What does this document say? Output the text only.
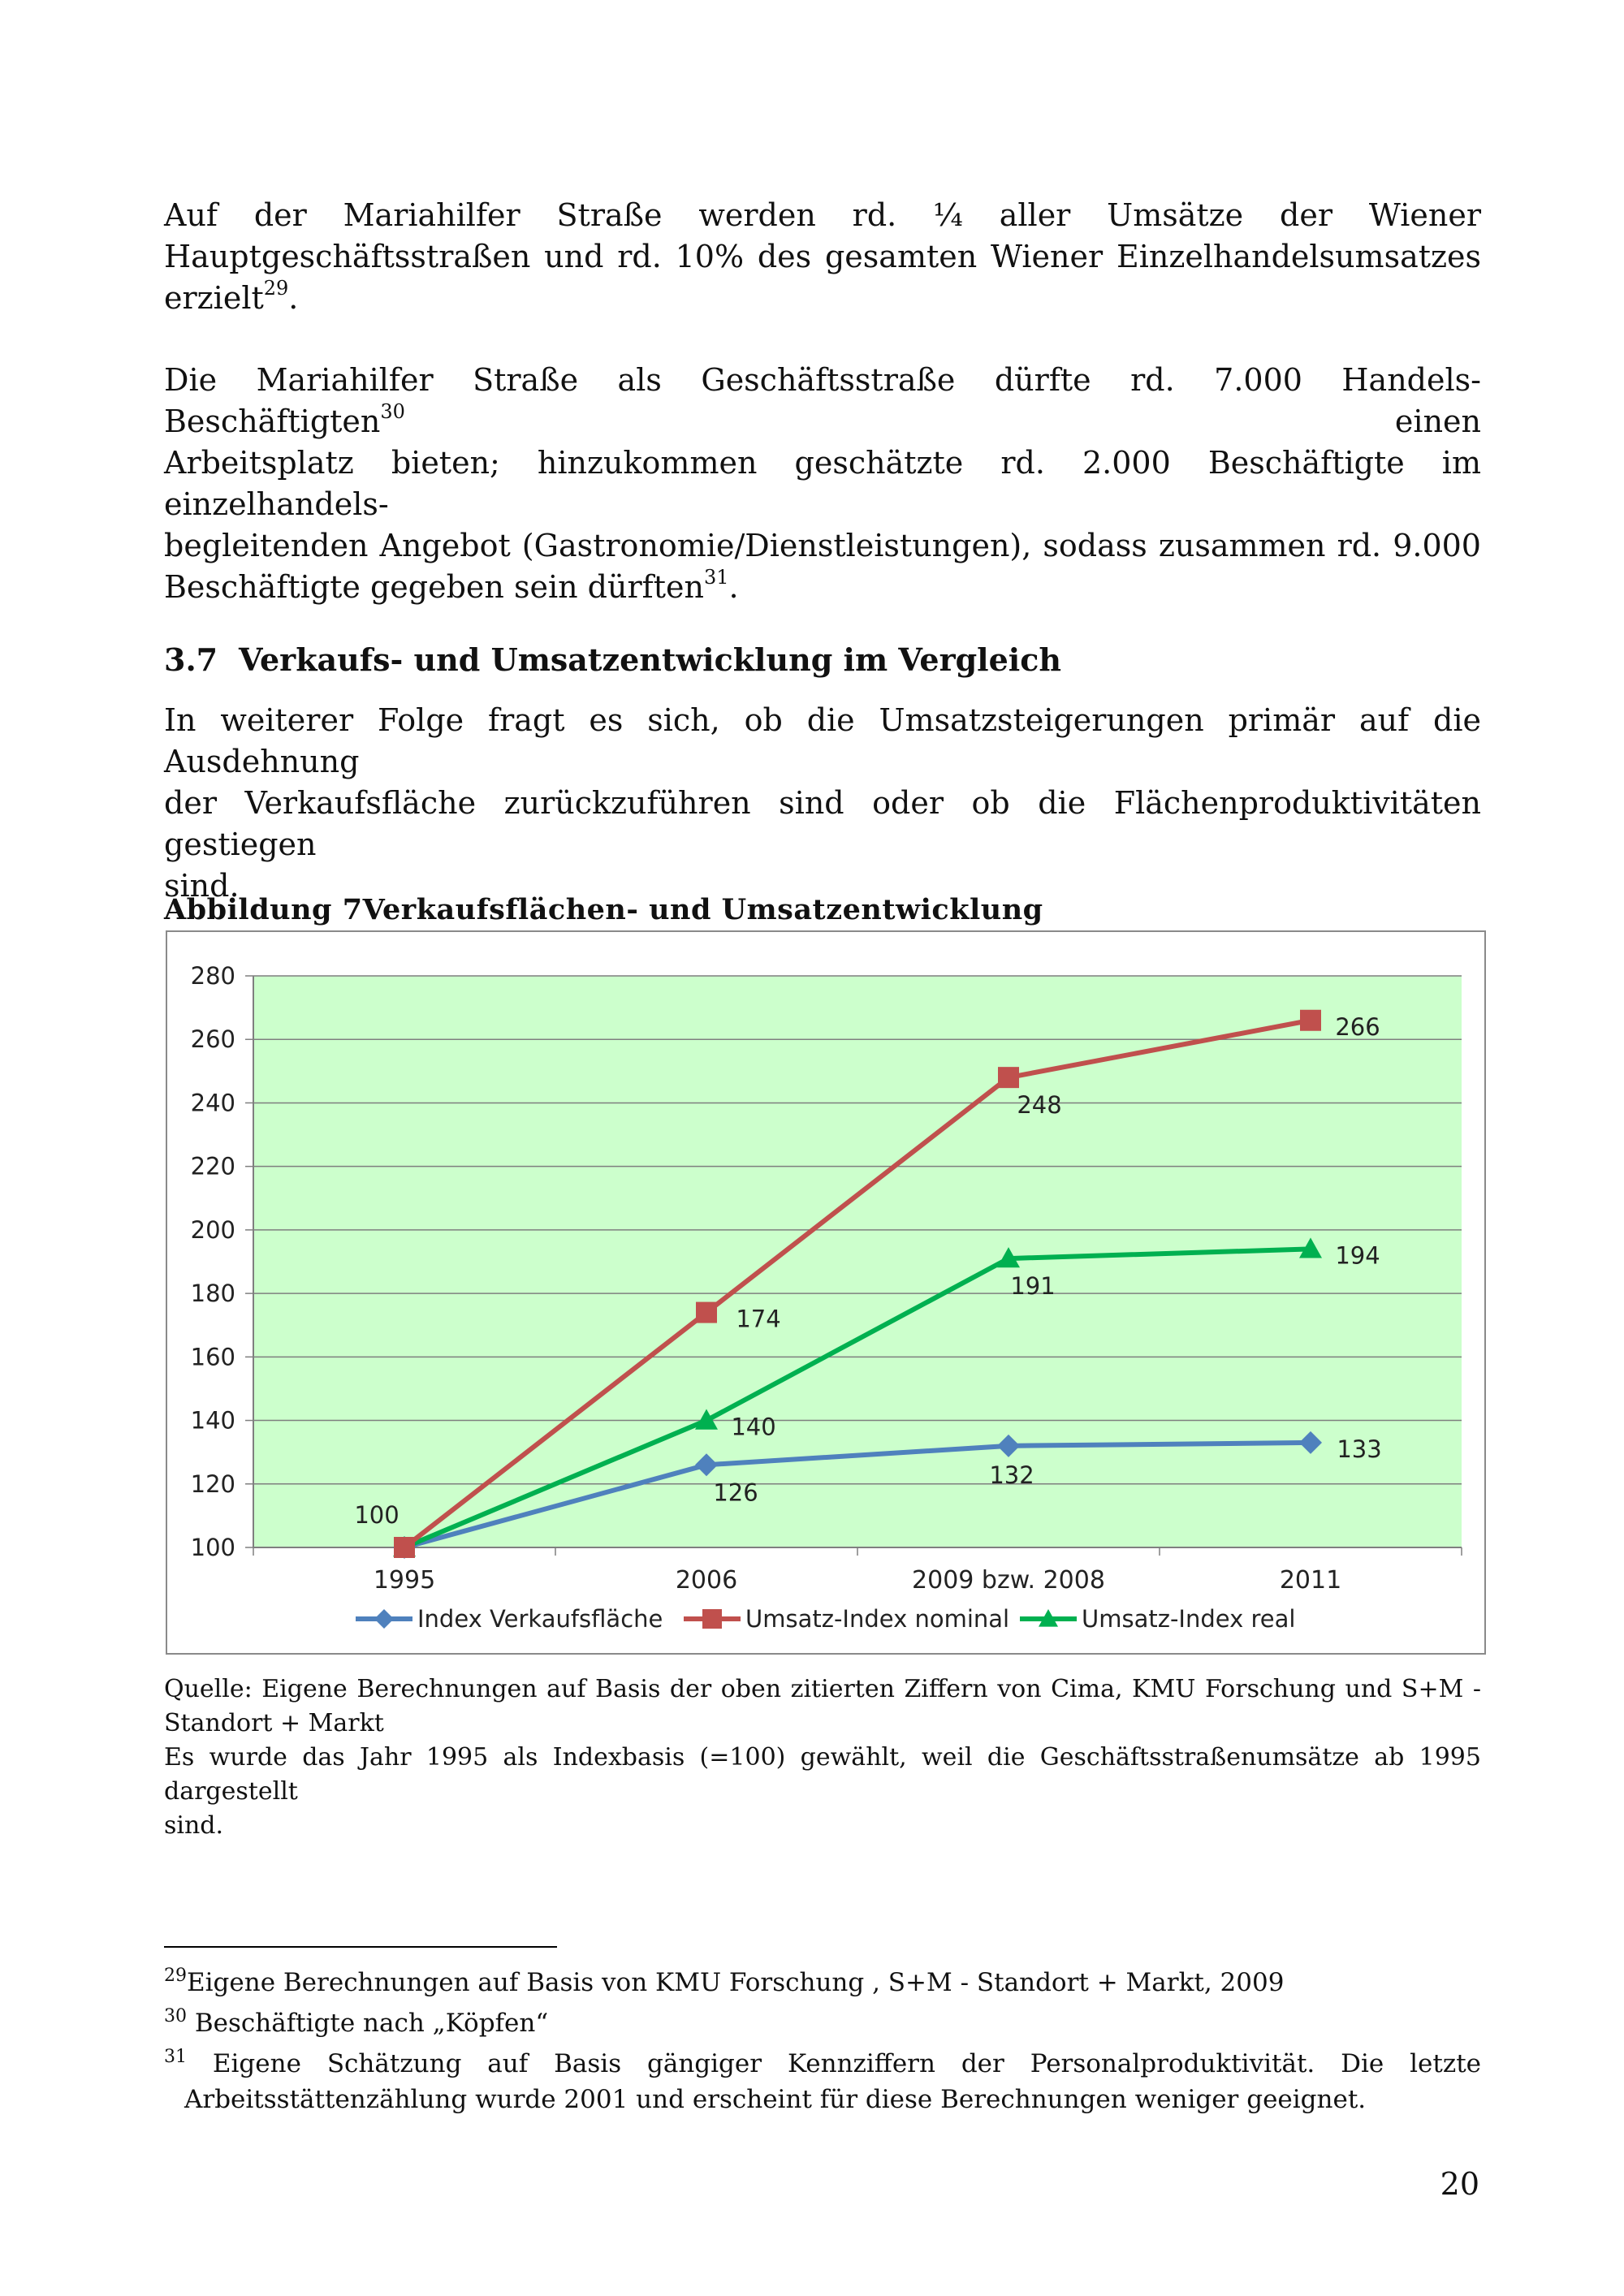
Auf der Mariahilfer Straße werden rd. ¼ aller Umsätze der Wiener
Hauptgeschäftsstraßen und rd. 10% des gesamten Wiener Einzelhandelsumsatzes
erzielt$^{29}$.
Die Mariahilfer Straße als Geschäftsstraße dürfte rd. 7.000 Handels-Beschäftigten$^{30}$ einen
Arbeitsplatz bieten; hinzukommen geschätzte rd. 2.000 Beschäftigte im einzelhandels-
begleitenden Angebot (Gastronomie/Dienstleistungen), sodass zusammen rd. 9.000
Beschäftigte gegeben sein dürften$^{31}$.
3.7 Verkaufs- und Umsatzentwicklung im Vergleich
In weiterer Folge fragt es sich, ob die Umsatzsteigerungen primär auf die Ausdehnung
der Verkaufsfläche zurückzuführen sind oder ob die Flächenproduktivitäten gestiegen
sind.
Abbildung 7Verkaufsflächen- und Umsatzentwicklung
100
120
140
160
180
200
220
240
260
280
1995	2006	2009 bzw. 2008	2011
100
126
132
133
140
191
194
174
248
266
Index Verkaufsfläche	Umsatz-Index nominal	Umsatz-Index real
Quelle: Eigene Berechnungen auf Basis der oben zitierten Ziffern von Cima, KMU Forschung und S+M -
Standort + Markt
Es wurde das Jahr 1995 als Indexbasis (=100) gewählt, weil die Geschäftsstraßenumsätze ab 1995 dargestellt
sind.
$^{29}$Eigene Berechnungen auf Basis von KMU Forschung , S+M - Standort + Markt, 2009
$^{30}$ Beschäftigte nach „Köpfen“
$^{31}$ Eigene Schätzung auf Basis gängiger Kennziffern der Personalproduktivität. Die letzte
Arbeitsstättenzählung wurde 2001 und erscheint für diese Berechnungen weniger geeignet.
20
